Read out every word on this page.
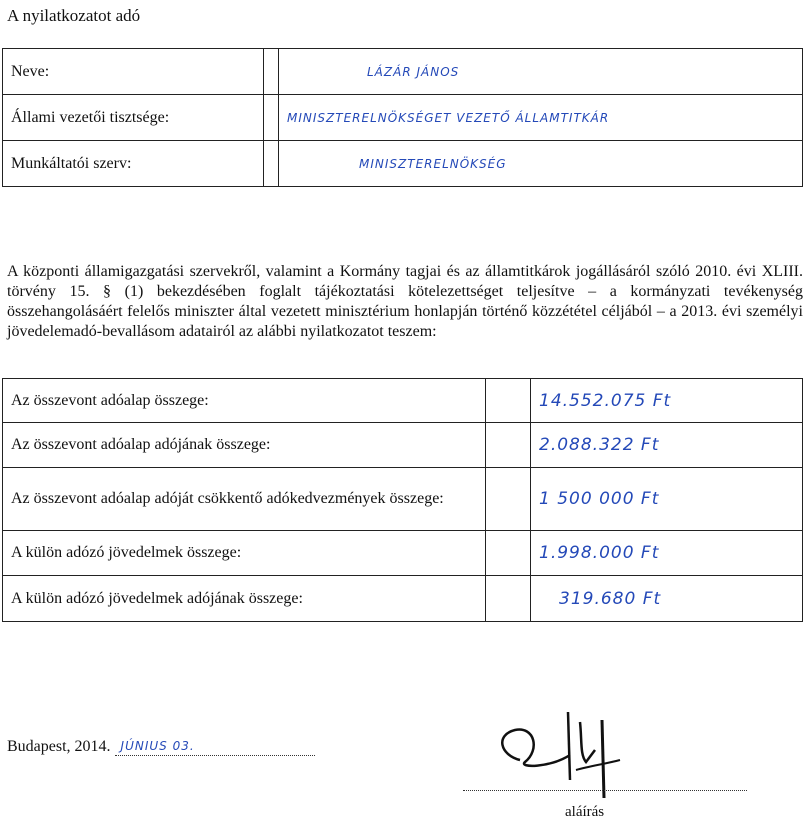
A nyilatkozatot adó
Neve:		LÁZÁR JÁNOS
Állami vezetői tisztsége:		MINISZTERELNÖKSÉGET VEZETŐ ÁLLAMTITKÁR
Munkáltatói szerv:		MINISZTERELNÖKSÉG
A központi államigazgatási szervekről, valamint a Kormány tagjai és az államtitkárok jogállásáról szóló 2010. évi XLIII. törvény 15. § (1) bekezdésében foglalt tájékoztatási kötelezettséget teljesítve – a kormányzati tevékenység összehangolásáért felelős miniszter által vezetett minisztérium honlapján történő közzététel céljából – a 2013. évi személyi jövedelemadó-bevallásom adatairól az alábbi nyilatkozatot teszem:
Az összevont adóalap összege:		14.552.075 Ft
Az összevont adóalap adójának összege:		2.088.322 Ft
Az összevont adóalap adóját csökkentő adókedvezmények összege:		1 500 000 Ft
A külön adózó jövedelmek összege:		1.998.000 Ft
A külön adózó jövedelmek adójának összege:		319.680 Ft
Budapest, 2014. JÚNIUS 03.
aláírás
